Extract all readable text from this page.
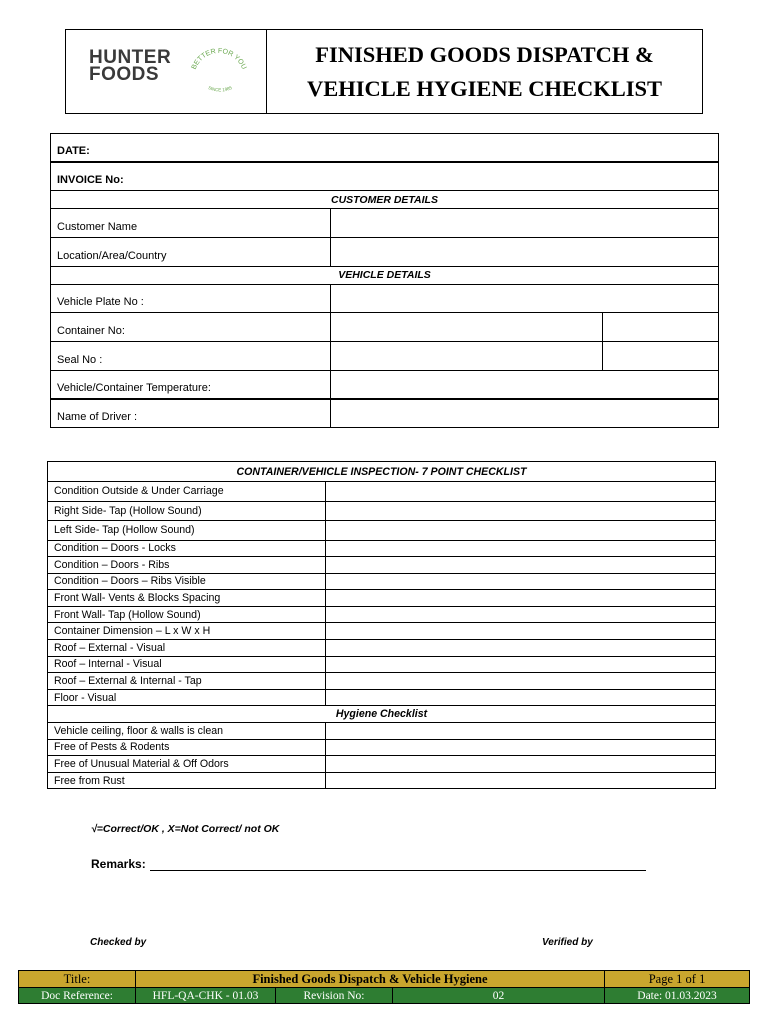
HUNTER
FOODS	BETTER FOR YOU
SINCE 1985
FINISHED GOODS DISPATCH &
VEHICLE HYGIENE CHECKLIST
DATE:		
INVOICE No:		
CUSTOMER DETAILS		
Customer Name		
Location/Area/Country		
VEHICLE DETAILS		
Vehicle Plate No :		
Container No:		
Seal No :		
Vehicle/Container Temperature:		
Name of Driver :		
CONTAINER/VEHICLE INSPECTION- 7 POINT CHECKLIST	
Condition Outside & Under Carriage	
Right Side- Tap (Hollow Sound)	
Left Side- Tap (Hollow Sound)	
Condition – Doors - Locks	
Condition – Doors - Ribs	
Condition – Doors – Ribs Visible	
Front Wall- Vents & Blocks Spacing	
Front Wall- Tap (Hollow Sound)	
Container Dimension – L x W x H	
Roof – External - Visual	
Roof – Internal - Visual	
Roof – External & Internal - Tap	
Floor - Visual	
Hygiene Checklist	
Vehicle ceiling, floor & walls is clean	
Free of Pests & Rodents	
Free of Unusual Material & Off Odors	
Free from Rust	
√=Correct/OK , X=Not Correct/ not OK
Remarks:
Checked by	Verified by
Title:	Finished Goods Dispatch & Vehicle Hygiene			Page 1 of 1
Doc Reference:	HFL-QA-CHK - 01.03	Revision No:	02	Date: 01.03.2023
